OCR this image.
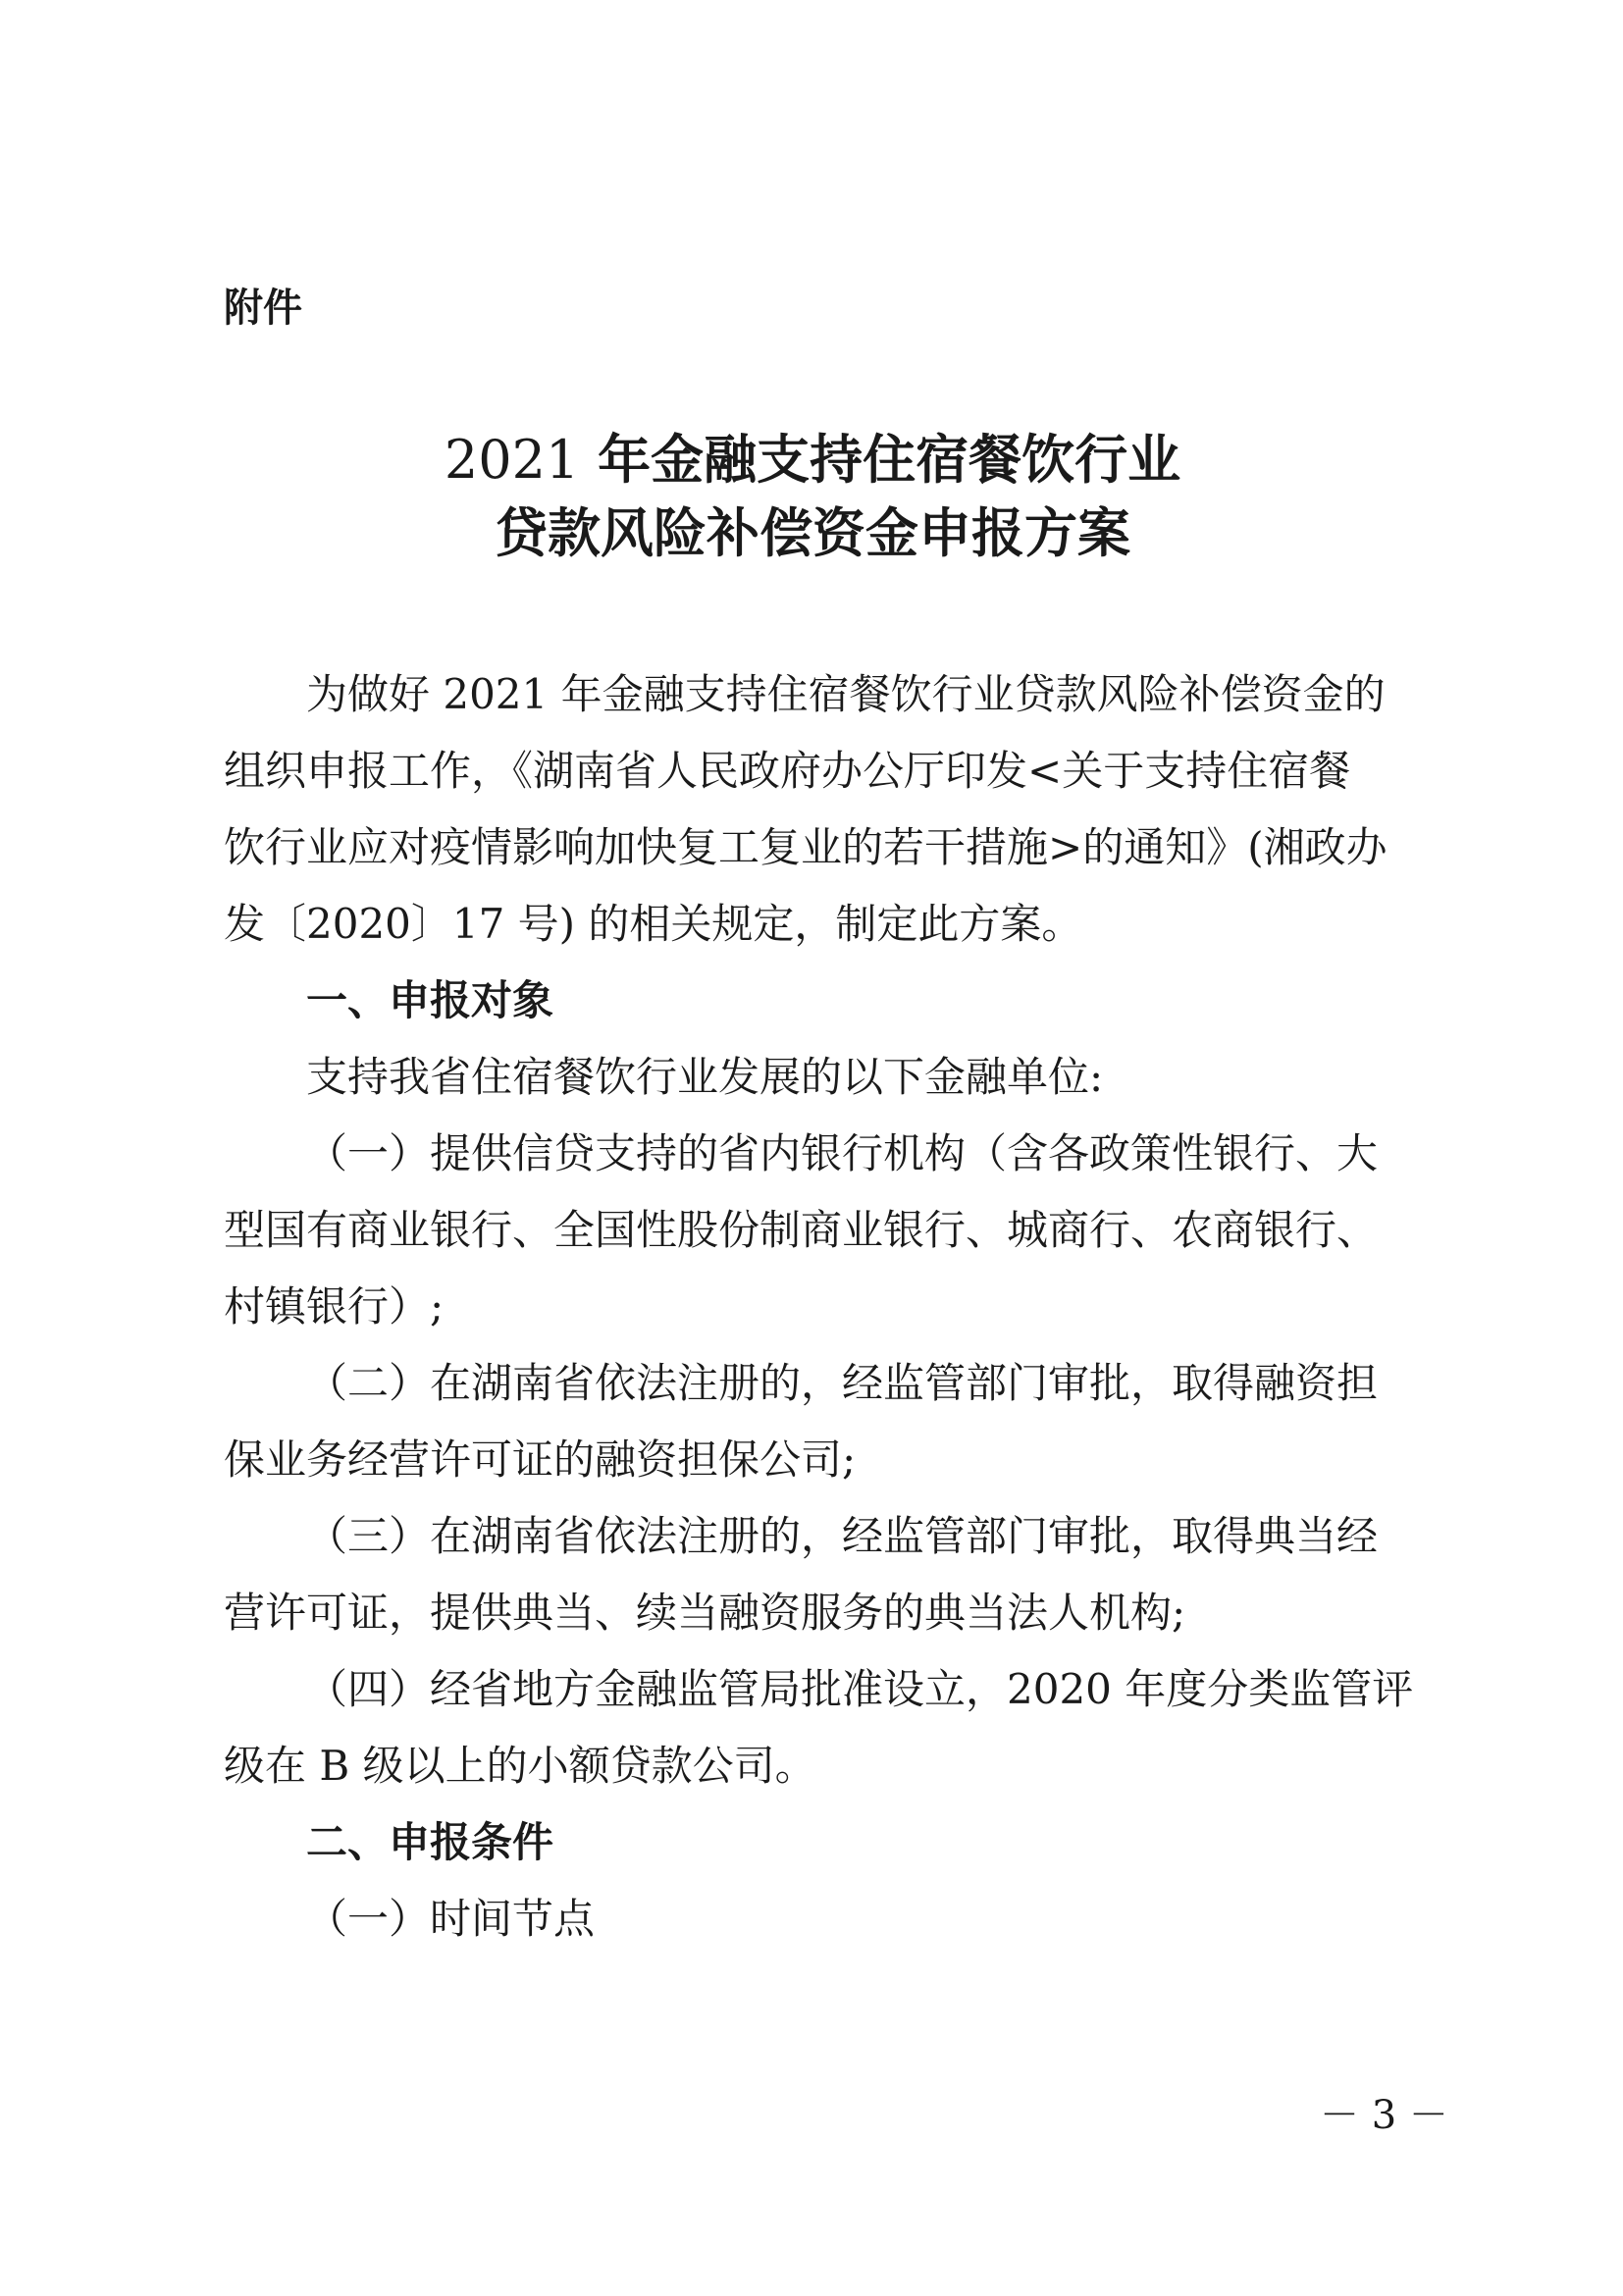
附件
2021 年金融支持住宿餐饮行业
贷款风险补偿资金申报方案
为做好 2021 年金融支持住宿餐饮行业贷款风险补偿资金的
组织申报工作，《湖南省人民政府办公厅印发<关于支持住宿餐
饮行业应对疫情影响加快复工复业的若干措施>的通知》(湘政办
发〔2020〕17 号) 的相关规定，制定此方案。
一、申报对象
支持我省住宿餐饮行业发展的以下金融单位:
（一）提供信贷支持的省内银行机构（含各政策性银行、大
型国有商业银行、全国性股份制商业银行、城商行、农商银行、
村镇银行）;
（二）在湖南省依法注册的，经监管部门审批，取得融资担
保业务经营许可证的融资担保公司;
（三）在湖南省依法注册的，经监管部门审批，取得典当经
营许可证，提供典当、续当融资服务的典当法人机构;
（四）经省地方金融监管局批准设立，2020 年度分类监管评
级在 B 级以上的小额贷款公司。
二、申报条件
（一）时间节点
－ 3 －
